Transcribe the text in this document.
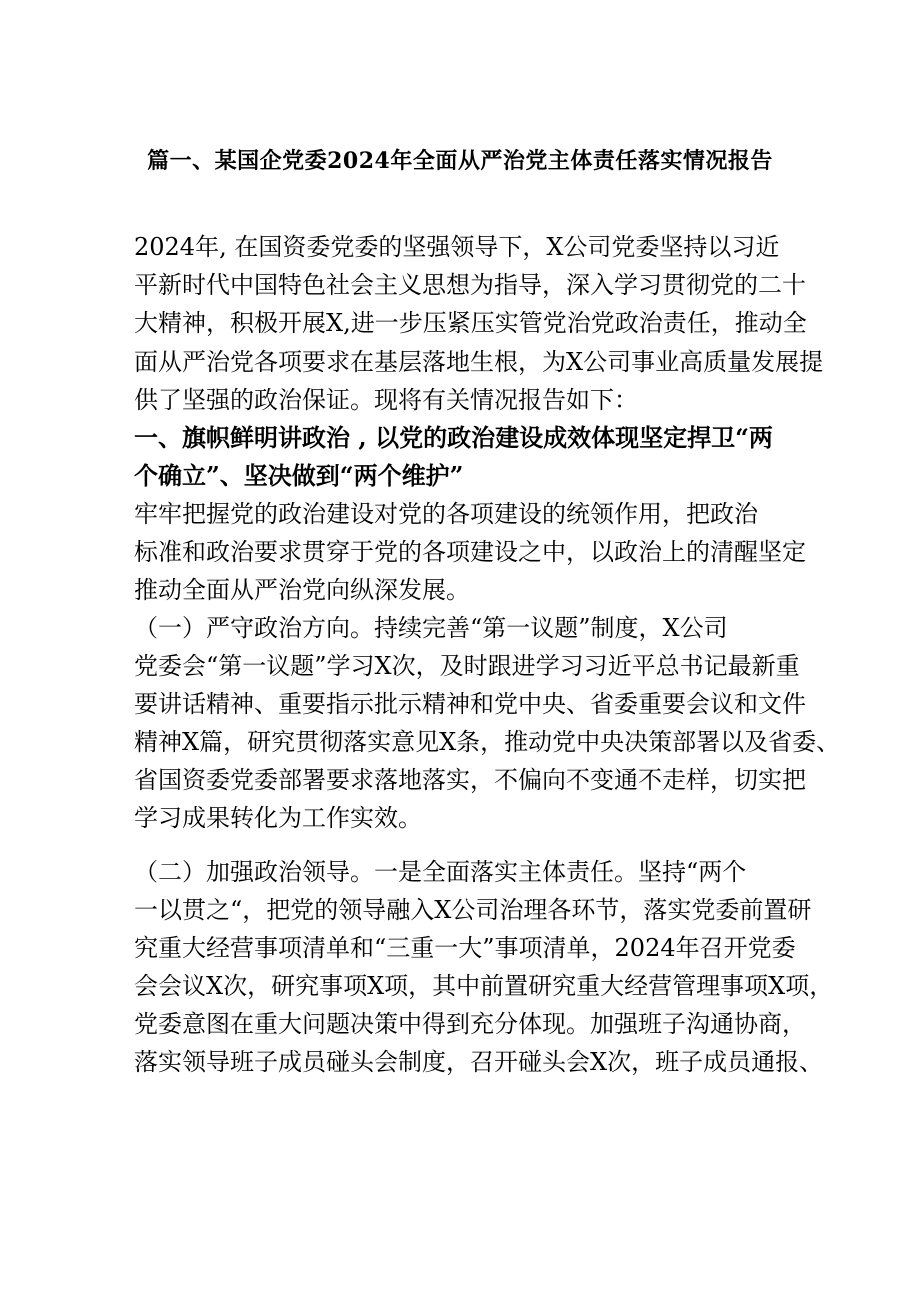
篇一、某国企党委2024年全面从严治党主体责任落实情况报告
2024年, 在国资委党委的坚强领导下，X公司党委坚持以习近
平新时代中国特色社会主义思想为指导，深入学习贯彻党的二十
大精神，积极开展X,进一步压紧压实管党治党政治责任，推动全
面从严治党各项要求在基层落地生根，为X公司事业高质量发展提
供了坚强的政治保证。现将有关情况报告如下：
一、旗帜鲜明讲政治 , 以党的政治建设成效体现坚定捍卫“两
个确立”、坚决做到“两个维护”
牢牢把握党的政治建设对党的各项建设的统领作用，把政治
标准和政治要求贯穿于党的各项建设之中，以政治上的清醒坚定
推动全面从严治党向纵深发展。
（一）严守政治方向。持续完善“第一议题”制度，X公司
党委会“第一议题”学习X次，及时跟进学习习近平总书记最新重
要讲话精神、重要指示批示精神和党中央、省委重要会议和文件
精神X篇，研究贯彻落实意见X条，推动党中央决策部署以及省委、
省国资委党委部署要求落地落实，不偏向不变通不走样，切实把
学习成果转化为工作实效。
（二）加强政治领导。一是全面落实主体责任。坚持“两个
一以贯之“，把党的领导融入X公司治理各环节，落实党委前置研
究重大经营事项清单和“三重一大”事项清单，2024年召开党委
会会议X次，研究事项X项，其中前置研究重大经营管理事项X项，
党委意图在重大问题决策中得到充分体现。加强班子沟通协商，
落实领导班子成员碰头会制度，召开碰头会X次，班子成员通报、
